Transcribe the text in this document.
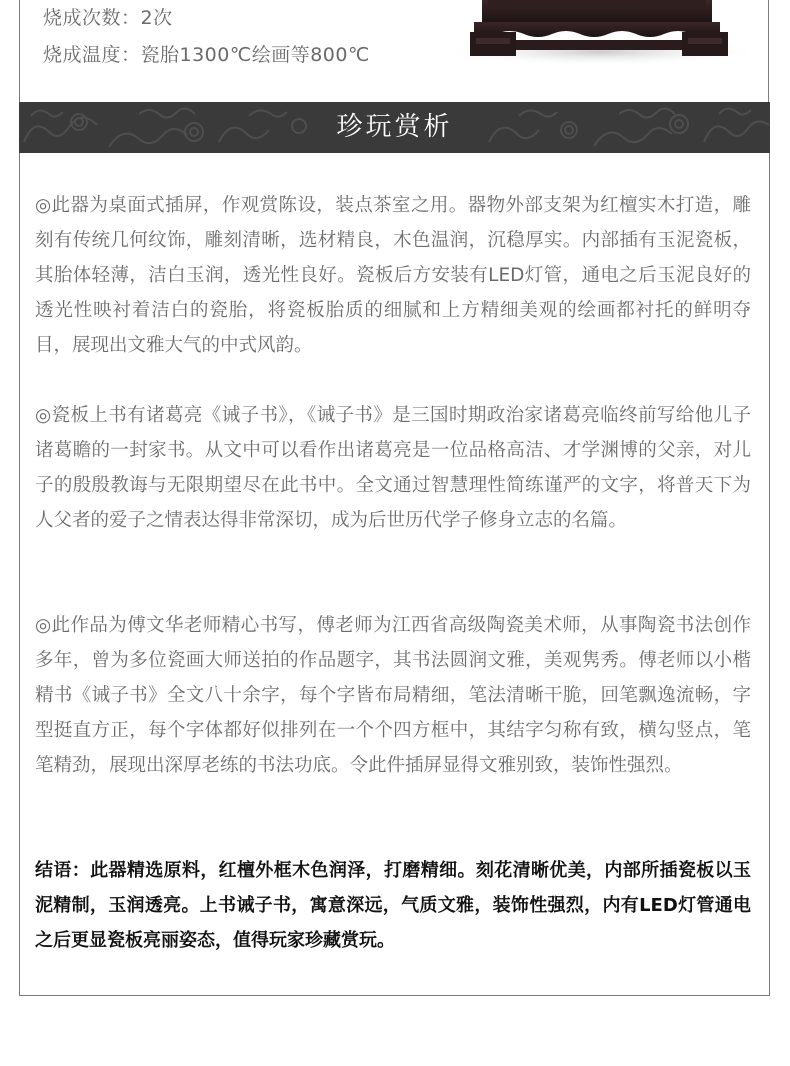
烧成次数：2次
烧成温度：瓷胎1300℃绘画等800℃
珍玩赏析

◎此器为桌面式插屏，作观赏陈设，装点茶室之用。器物外部支架为红檀实木打造，雕刻有传统几何纹饰，雕刻清晰，选材精良，木色温润，沉稳厚实。内部插有玉泥瓷板，其胎体轻薄，洁白玉润，透光性良好。瓷板后方安装有LED灯管，通电之后玉泥良好的透光性映衬着洁白的瓷胎，将瓷板胎质的细腻和上方精细美观的绘画都衬托的鲜明夺目，展现出文雅大气的中式风韵。

◎瓷板上书有诸葛亮《诫子书》，《诫子书》是三国时期政治家诸葛亮临终前写给他儿子诸葛瞻的一封家书。从文中可以看作出诸葛亮是一位品格高洁、才学渊博的父亲，对儿子的殷殷教诲与无限期望尽在此书中。全文通过智慧理性简练谨严的文字，将普天下为人父者的爱子之情表达得非常深切，成为后世历代学子修身立志的名篇。

◎此作品为傅文华老师精心书写，傅老师为江西省高级陶瓷美术师，从事陶瓷书法创作多年，曾为多位瓷画大师送拍的作品题字，其书法圆润文雅，美观隽秀。傅老师以小楷精书《诫子书》全文八十余字，每个字皆布局精细，笔法清晰干脆，回笔飘逸流畅，字型挺直方正，每个字体都好似排列在一个个四方框中，其结字匀称有致，横勾竖点，笔笔精劲，展现出深厚老练的书法功底。令此件插屏显得文雅别致，装饰性强烈。

结语：此器精选原料，红檀外框木色润泽，打磨精细。刻花清晰优美，内部所插瓷板以玉泥精制，玉润透亮。上书诫子书，寓意深远，气质文雅，装饰性强烈，内有LED灯管通电之后更显瓷板亮丽姿态，值得玩家珍藏赏玩。
